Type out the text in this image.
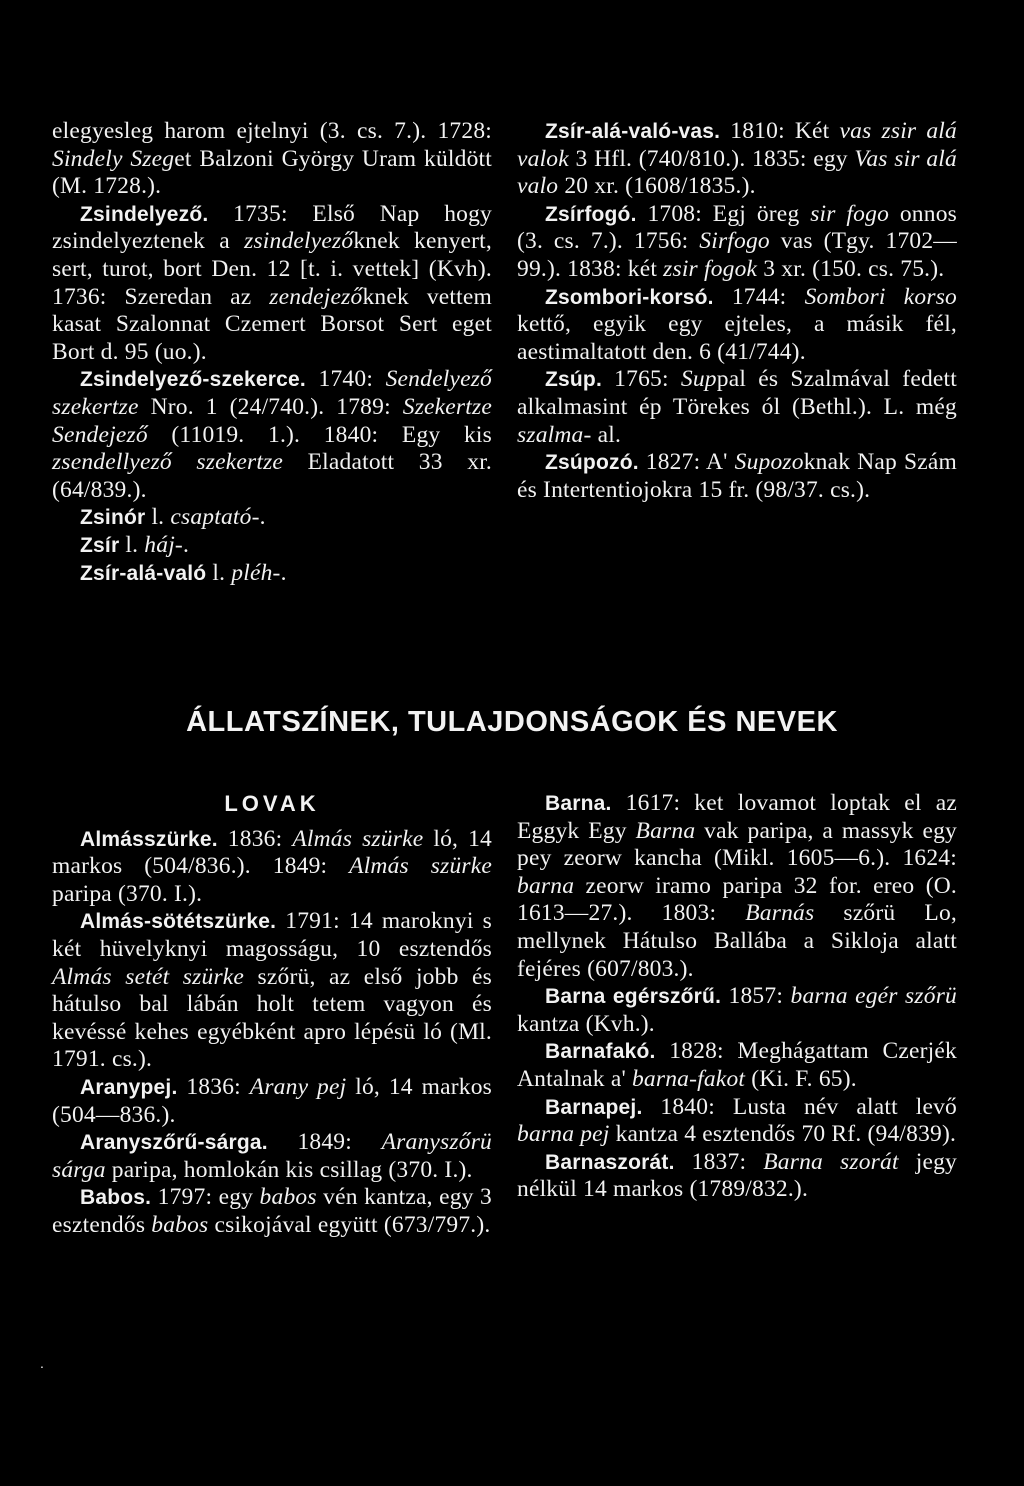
elegyesleg harom ejtelnyi (3. cs. 7.). 1728: Sindely Szeget Balzoni György Uram küldött (M. 1728.).

Zsindelyező. 1735: Első Nap hogy zsindelyeztenek a zsindelyezőknek kenyert, sert, turot, bort Den. 12 [t. i. vettek] (Kvh). 1736: Szeredan az zendejezőknek vettem kasat Szalonnat Czemert Borsot Sert eget Bort d. 95 (uo.).

Zsindelyező-szekerce. 1740: Sendelyező szekertze Nro. 1 (24/740.). 1789: Szekertze Sendejező (11019. 1.). 1840: Egy kis zsendellyező szekertze Eladatott 33 xr. (64/839.).

Zsinór l. csaptató-.

Zsír l. háj-.

Zsír-alá-való l. pléh-.

Zsír-alá-való-vas. 1810: Két vas zsir alá valok 3 Hfl. (740/810.). 1835: egy Vas sir alá valo 20 xr. (1608/1835.).

Zsírfogó. 1708: Egj öreg sir fogo onnos (3. cs. 7.). 1756: Sirfogo vas (Tgy. 1702—99.). 1838: két zsir fogok 3 xr. (150. cs. 75.).

Zsombori-korsó. 1744: Sombori korso kettő, egyik egy ejteles, a másik fél, aestimaltatott den. 6 (41/744).

Zsúp. 1765: Suppal és Szalmával fedett alkalmasint ép Törekes ól (Bethl.). L. még szalma- al.

Zsúpozó. 1827: A' Supozoknak Nap Szám és Intertentiojokra 15 fr. (98/37. cs.).

ÁLLATSZÍNEK, TULAJDONSÁGOK ÉS NEVEK
LOVAK

Almásszürke. 1836: Almás szürke ló, 14 markos (504/836.). 1849: Almás szürke paripa (370. I.).

Almás-sötétszürke. 1791: 14 maroknyi s két hüvelyknyi magosságu, 10 esztendős Almás setét szürke szőrü, az első jobb és hátulso bal lábán holt tetem vagyon és kevéssé kehes egyébként apro lépésü ló (Ml. 1791. cs.).

Aranypej. 1836: Arany pej ló, 14 markos (504—836.).

Aranyszőrű-sárga. 1849: Aranyszőrü sárga paripa, homlokán kis csillag (370. I.).

Babos. 1797: egy babos vén kantza, egy 3 esztendős babos csikojával együtt (673/797.).

Barna. 1617: ket lovamot loptak el az Eggyk Egy Barna vak paripa, a massyk egy pey zeorw kancha (Mikl. 1605—6.). 1624: barna zeorw iramo paripa 32 for. ereo (O. 1613—27.). 1803: Barnás szőrü Lo, mellynek Hátulso Ballába a Sikloja alatt fejéres (607/803.).

Barna egérszőrű. 1857: barna egér szőrü kantza (Kvh.).

Barnafakó. 1828: Meghágattam Czerjék Antalnak a' barna-fakot (Ki. F. 65).

Barnapej. 1840: Lusta név alatt levő barna pej kantza 4 esztendős 70 Rf. (94/839).

Barnaszorát. 1837: Barna szorát jegy nélkül 14 markos (1789/832.).

.
